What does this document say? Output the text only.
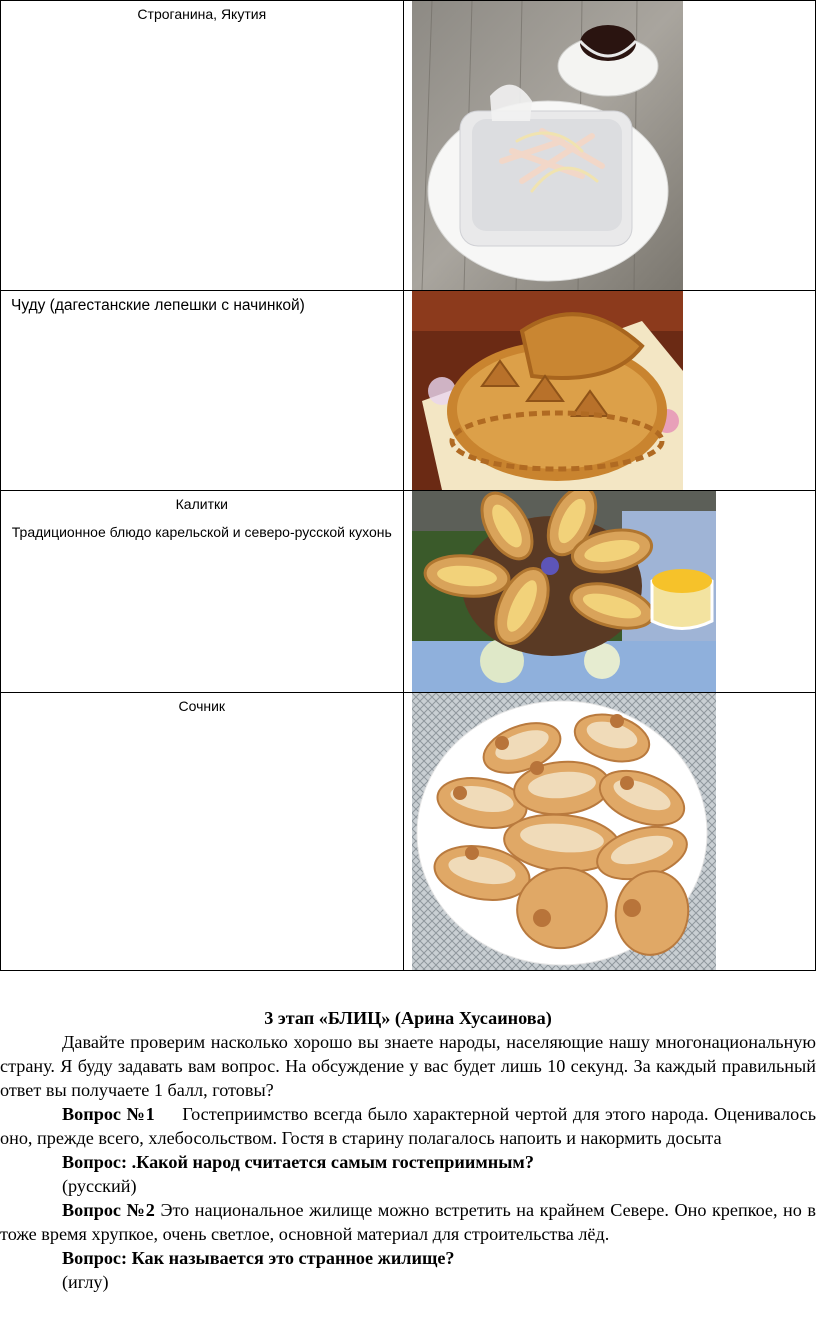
Строганина, Якутия

Чуду (дагестанские лепешки с начинкой)

Калитки
Традиционное блюдо карельской и северо-русской кухонь

Сочник

3 этап «БЛИЦ» (Арина Хусаинова)

Давайте проверим насколько хорошо вы знаете народы, населяющие нашу многонациональную страну. Я буду задавать вам вопрос. На обсуждение у вас будет лишь 10 секунд. За каждый правильный ответ вы получаете 1 балл, готовы?

Вопрос №1 Гостеприимство всегда было характерной чертой для этого народа. Оценивалось оно, прежде всего, хлебосольством. Гостя в старину полагалось напоить и накормить досыта

Вопрос: .Какой народ считается самым гостеприимным?

(русский)

Вопрос №2 Это национальное жилище можно встретить на крайнем Севере. Оно крепкое, но в тоже время хрупкое, очень светлое, основной материал для строительства лёд.

Вопрос: Как называется это странное жилище?

(иглу)
